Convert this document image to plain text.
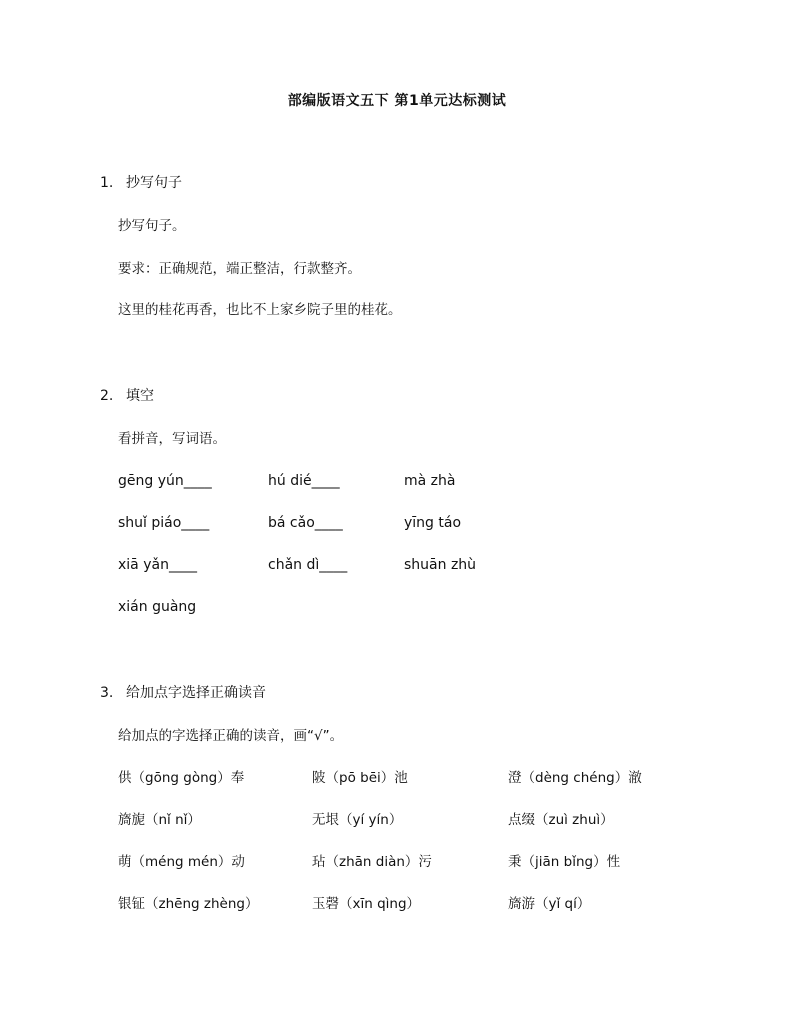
部编版语文五下 第1单元达标测试
1. 抄写句子
抄写句子。
要求：正确规范，端正整洁，行款整齐。
这里的桂花再香，也比不上家乡院子里的桂花。
2. 填空
看拼音，写词语。
gēng yún____	hú dié____	mà zhà
shuǐ piáo____	bá cǎo____	yīng táo
xiā yǎn____	chǎn dì____	shuān zhù
xián guàng
3. 给加点字选择正确读音
给加点的字选择正确的读音，画“√”。
供（gōng gòng）奉	陂（pō bēi）池	澄（dèng chéng）澈
旖旎（nǐ nǐ）	无垠（yí yín）	点缀（zuì zhuì）
萌（méng mén）动	玷（zhān diàn）污	秉（jiān bǐng）性
银钲（zhēng zhèng）	玉磬（xīn qìng）	旖游（yǐ qí）
